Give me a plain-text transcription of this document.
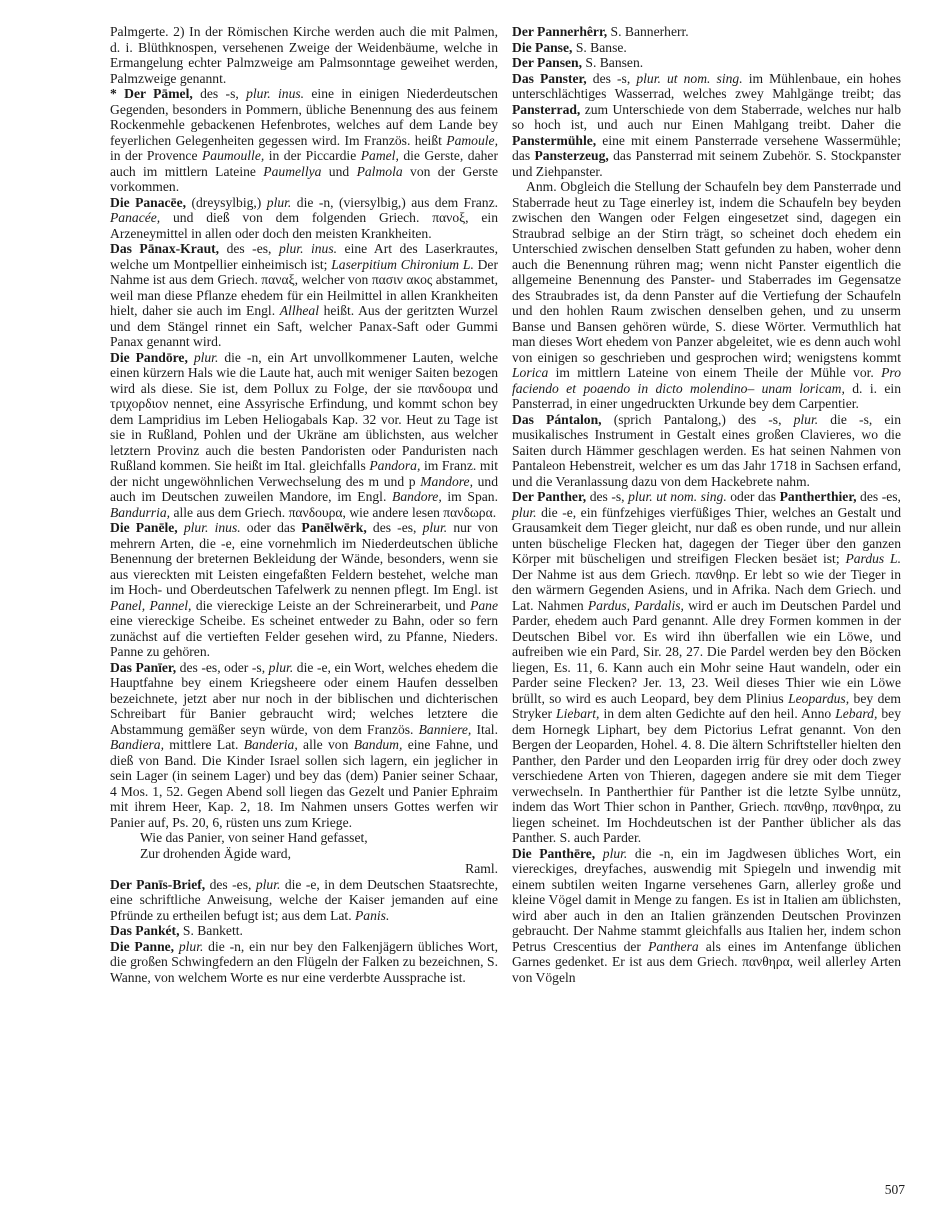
Palmgerte. 2) In der Römischen Kirche werden auch die mit Palmen, d. i. Blüthknospen, versehenen Zweige der Weidenbäume, welche in Ermangelung echter Palmzweige am Palmsonntage geweihet werden, Palmzweige genannt.

* Der Pāmel, des -s, plur. inus. eine in einigen Niederdeutschen Gegenden, besonders in Pommern, übliche Benennung des aus feinem Rockenmehle gebackenen Hefenbrotes, welches auf dem Lande bey feyerlichen Gelegenheiten gegessen wird. Im Französ. heißt Pamoule, in der Provence Paumoulle, in der Piccardie Pamel, die Gerste, daher auch im mittlern Lateine Paumellya und Palmola von der Gerste vorkommen.

Die Panacēe, (dreysylbig,) plur. die -n, (viersylbig,) aus dem Franz. Panacée, und dieß von dem folgenden Griech. πανοξ, ein Arzeneymittel in allen oder doch den meisten Krankheiten.

Das Pānax-Kraut, des -es, plur. inus. eine Art des Laserkrautes, welche um Montpellier einheimisch ist; Laserpitium Chironium L. Der Nahme ist aus dem Griech. παναξ, welcher von πασιν ακος abstammet, weil man diese Pflanze ehedem für ein Heilmittel in allen Krankheiten hielt, daher sie auch im Engl. Allheal heißt. Aus der geritzten Wurzel und dem Stängel rinnet ein Saft, welcher Panax-Saft oder Gummi Panax genannt wird.

Die Pandōre, plur. die -n, ein Art unvollkommener Lauten, welche einen kürzern Hals wie die Laute hat, auch mit weniger Saiten bezogen wird als diese. Sie ist, dem Pollux zu Folge, der sie πανδουρα und τριχορδιον nennet, eine Assyrische Erfindung, und kommt schon bey dem Lampridius im Leben Heliogabals Kap. 32 vor. Heut zu Tage ist sie in Rußland, Pohlen und der Ukräne am üblichsten, aus welcher letztern Provinz auch die besten Pandoristen oder Panduristen nach Rußland kommen. Sie heißt im Ital. gleichfalls Pandora, im Franz. mit der nicht ungewöhnlichen Verwechselung des m und p Mandore, und auch im Deutschen zuweilen Mandore, im Engl. Bandore, im Span. Bandurria, alle aus dem Griech. πανδουρα, wie andere lesen πανδωρα.

Die Panēle, plur. inus. oder das Panēlwērk, des -es, plur. nur von mehrern Arten, die -e, eine vornehmlich im Niederdeutschen übliche Benennung der breternen Bekleidung der Wände, besonders, wenn sie aus viereckten mit Leisten eingefaßten Feldern bestehet, welche man im Hoch- und Oberdeutschen Tafelwerk zu nennen pflegt. Im Engl. ist Panel, Pannel, die viereckige Leiste an der Schreinerarbeit, und Pane eine viereckige Scheibe. Es scheinet entweder zu Bahn, oder so fern zunächst auf die vertieften Felder gesehen wird, zu Pfanne, Nieders. Panne zu gehören.

Das Panīer, des -es, oder -s, plur. die -e, ein Wort, welches ehedem die Hauptfahne bey einem Kriegsheere oder einem Haufen desselben bezeichnete, jetzt aber nur noch in der biblischen und dichterischen Schreibart für Banier gebraucht wird; welches letztere die Abstammung gemäßer seyn würde, von dem Französ. Banniere, Ital. Bandiera, mittlere Lat. Banderia, alle von Bandum, eine Fahne, und dieß von Band. Die Kinder Israel sollen sich lagern, ein jeglicher in sein Lager (in seinem Lager) und bey das (dem) Panier seiner Schaar, 4 Mos. 1, 52. Gegen Abend soll liegen das Gezelt und Panier Ephraim mit ihrem Heer, Kap. 2, 18. Im Nahmen unsers Gottes werfen wir Panier auf, Ps. 20, 6, rüsten uns zum Kriege.

Wie das Panier, von seiner Hand gefasset,

Zur drohenden Ägide ward,

Raml.

Der Panīs-Brief, des -es, plur. die -e, in dem Deutschen Staatsrechte, eine schriftliche Anweisung, welche der Kaiser jemanden auf eine Pfründe zu ertheilen befugt ist; aus dem Lat. Panis.

Das Pankét, S. Bankett.

Die Panne, plur. die -n, ein nur bey den Falkenjägern übliches Wort, die großen Schwingfedern an den Flügeln der Falken zu bezeichnen, S. Wanne, von welchem Worte es nur eine verderbte Aussprache ist.

Der Pannerhêrr, S. Bannerherr.

Die Panse, S. Banse.

Der Pansen, S. Bansen.

Das Panster, des -s, plur. ut nom. sing. im Mühlenbaue, ein hohes unterschlächtiges Wasserrad, welches zwey Mahlgänge treibt; das Pansterrad, zum Unterschiede von dem Staberrade, welches nur halb so hoch ist, und auch nur Einen Mahlgang treibt. Daher die Panstermühle, eine mit einem Pansterrade versehene Wassermühle; das Pansterzeug, das Pansterrad mit seinem Zubehör. S. Stockpanster und Ziehpanster.

Anm. Obgleich die Stellung der Schaufeln bey dem Pansterrade und Staberrade heut zu Tage einerley ist, indem die Schaufeln bey beyden zwischen den Wangen oder Felgen eingesetzet sind, dagegen ein Straubrad selbige an der Stirn trägt, so scheinet doch ehedem ein Unterschied zwischen denselben Statt gefunden zu haben, woher denn auch die Benennung rühren mag; wenn nicht Panster eigentlich die allgemeine Benennung des Panster- und Staberrades im Gegensatze des Straubrades ist, da denn Panster auf die Vertiefung der Schaufeln und den hohlen Raum zwischen denselben gehen, und zu unserm Banse und Bansen gehören würde, S. diese Wörter. Vermuthlich hat man dieses Wort ehedem von Panzer abgeleitet, wie es denn auch wohl von einigen so geschrieben und gesprochen wird; wenigstens kommt Lorica im mittlern Lateine von einem Theile der Mühle vor. Pro faciendo et poaendo in dicto molendino– unam loricam, d. i. ein Pansterrad, in einer ungedruckten Urkunde bey dem Carpentier.

Das Pántalon, (sprich Pantalong,) des -s, plur. die -s, ein musikalisches Instrument in Gestalt eines großen Clavieres, wo die Saiten durch Hämmer geschlagen werden. Es hat seinen Nahmen von Pantaleon Hebenstreit, welcher es um das Jahr 1718 in Sachsen erfand, und die Veranlassung dazu von dem Hackebrete nahm.

Der Panther, des -s, plur. ut nom. sing. oder das Pantherthier, des -es, plur. die -e, ein fünfzehiges vierfüßiges Thier, welches an Gestalt und Grausamkeit dem Tieger gleicht, nur daß es oben runde, und nur allein unten büschelige Flecken hat, dagegen der Tieger über den ganzen Körper mit büscheligen und streifigen Flecken besäet ist; Pardus L. Der Nahme ist aus dem Griech. πανθηρ. Er lebt so wie der Tieger in den wärmern Gegenden Asiens, und in Afrika. Nach dem Griech. und Lat. Nahmen Pardus, Pardalis, wird er auch im Deutschen Pardel und Parder, ehedem auch Pard genannt. Alle drey Formen kommen in der Deutschen Bibel vor. Es wird ihn überfallen wie ein Löwe, und aufreiben wie ein Pard, Sir. 28, 27. Die Pardel werden bey den Böcken liegen, Es. 11, 6. Kann auch ein Mohr seine Haut wandeln, oder ein Parder seine Flecken? Jer. 13, 23. Weil dieses Thier wie ein Löwe brüllt, so wird es auch Leopard, bey dem Plinius Leopardus, bey dem Stryker Liebart, in dem alten Gedichte auf den heil. Anno Lebard, bey dem Hornegk Liphart, bey dem Pictorius Lefrat genannt. Von den Bergen der Leoparden, Hohel. 4. 8. Die ältern Schriftsteller hielten den Panther, den Parder und den Leoparden irrig für drey oder doch zwey verschiedene Arten von Thieren, dagegen andere sie mit dem Tieger verwechseln. In Pantherthier für Panther ist die letzte Sylbe unnütz, indem das Wort Thier schon in Panther, Griech. πανθηρ, πανθηρα, zu liegen scheinet. Im Hochdeutschen ist der Panther üblicher als das Panther. S. auch Parder.

Die Panthēre, plur. die -n, ein im Jagdwesen übliches Wort, ein viereckiges, dreyfaches, auswendig mit Spiegeln und inwendig mit einem subtilen weiten Ingarne versehenes Garn, allerley große und kleine Vögel damit in Menge zu fangen. Es ist in Italien am üblichsten, wird aber auch in den an Italien gränzenden Deutschen Provinzen gebraucht. Der Nahme stammt gleichfalls aus Italien her, indem schon Petrus Crescentius der Panthera als eines im Antenfange üblichen Garnes gedenket. Er ist aus dem Griech. πανθηρα, weil allerley Arten von Vögeln

507
